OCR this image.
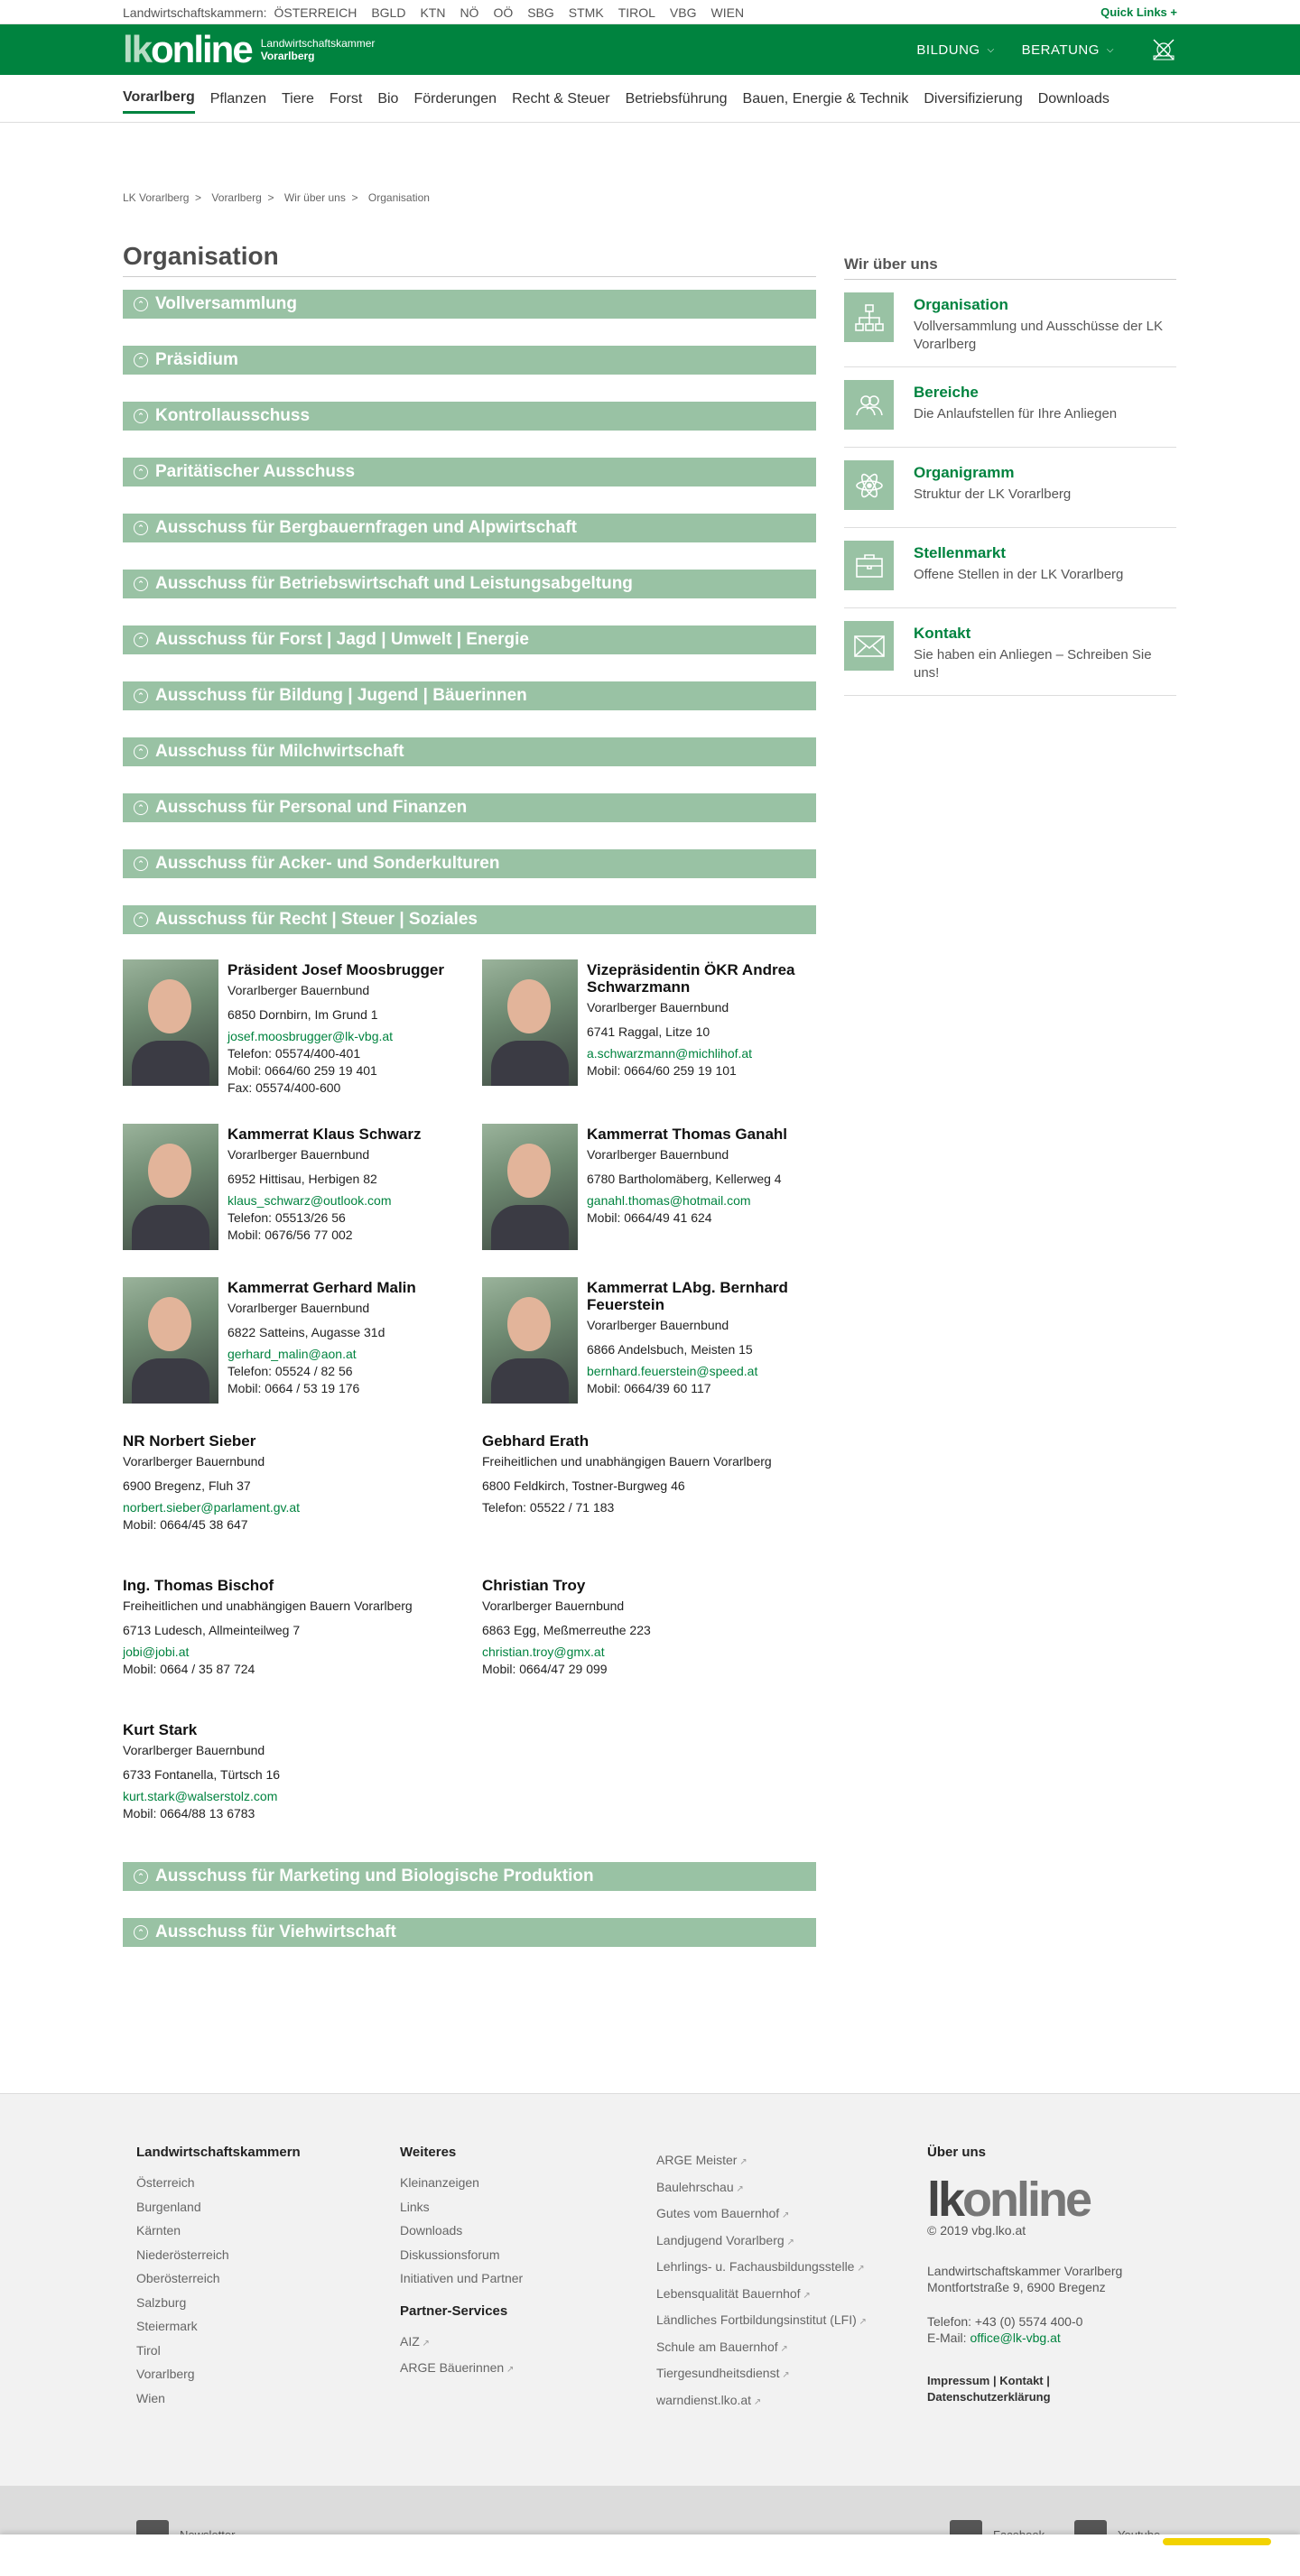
Landwirtschaftskammern: ÖSTERREICH BGLD KTN NÖ OÖ SBG STMK TIROL VBG WIEN	Quick Links +
lkonline Landwirtschaftskammer
Vorarlberg	BILDUNG ⌵ BERATUNG ⌵
Vorarlberg Pflanzen Tiere Forst Bio Förderungen Recht & Steuer Betriebsführung Bauen, Energie & Technik Diversifizierung Downloads
LK Vorarlberg  > Vorarlberg  > Wir über uns  > Organisation
Organisation
⌃ Vollversammlung
⌃ Präsidium
⌃ Kontrollausschuss
⌃ Paritätischer Ausschuss
⌃ Ausschuss für Bergbauernfragen und Alpwirtschaft
⌃ Ausschuss für Betriebswirtschaft und Leistungsabgeltung
⌃ Ausschuss für Forst | Jagd | Umwelt | Energie
⌃ Ausschuss für Bildung | Jugend | Bäuerinnen
⌃ Ausschuss für Milchwirtschaft
⌃ Ausschuss für Personal und Finanzen
⌃ Ausschuss für Acker- und Sonderkulturen
⌃ Ausschuss für Recht | Steuer | Soziales
Präsident Josef Moosbrugger
Vorarlberger Bauernbund
6850 Dornbirn, Im Grund 1
josef.moosbrugger@lk-vbg.at
Telefon: 05574/400-401
Mobil: 0664/60 259 19 401
Fax: 05574/400-600
Vizepräsidentin ÖKR Andrea Schwarzmann
Vorarlberger Bauernbund
6741 Raggal, Litze 10
a.schwarzmann@michlihof.at
Mobil: 0664/60 259 19 101
Kammerrat Klaus Schwarz
Vorarlberger Bauernbund
6952 Hittisau, Herbigen 82
klaus_schwarz@outlook.com
Telefon: 05513/26 56
Mobil: 0676/56 77 002
Kammerrat Thomas Ganahl
Vorarlberger Bauernbund
6780 Bartholomäberg, Kellerweg 4
ganahl.thomas@hotmail.com
Mobil: 0664/49 41 624
Kammerrat Gerhard Malin
Vorarlberger Bauernbund
6822 Satteins, Augasse 31d
gerhard_malin@aon.at
Telefon: 05524 / 82 56
Mobil: 0664 / 53 19 176
Kammerrat LAbg. Bernhard Feuerstein
Vorarlberger Bauernbund
6866 Andelsbuch, Meisten 15
bernhard.feuerstein@speed.at
Mobil: 0664/39 60 117
NR Norbert Sieber
Vorarlberger Bauernbund
6900 Bregenz, Fluh 37
norbert.sieber@parlament.gv.at
Mobil: 0664/45 38 647
Gebhard Erath
Freiheitlichen und unabhängigen Bauern Vorarlberg
6800 Feldkirch, Tostner-Burgweg 46
Telefon: 05522 / 71 183
Ing. Thomas Bischof
Freiheitlichen und unabhängigen Bauern Vorarlberg
6713 Ludesch, Allmeinteilweg 7
jobi@jobi.at
Mobil: 0664 / 35 87 724
Christian Troy
Vorarlberger Bauernbund
6863 Egg, Meßmerreuthe 223
christian.troy@gmx.at
Mobil: 0664/47 29 099
Kurt Stark
Vorarlberger Bauernbund
6733 Fontanella, Türtsch 16
kurt.stark@walserstolz.com
Mobil: 0664/88 13 6783
⌃ Ausschuss für Marketing und Biologische Produktion
⌃ Ausschuss für Viehwirtschaft
Wir über uns
Organisation
Vollversammlung und Ausschüsse der LK Vorarlberg
Bereiche
Die Anlaufstellen für Ihre Anliegen
Organigramm
Struktur der LK Vorarlberg
Stellenmarkt
Offene Stellen in der LK Vorarlberg
Kontakt
Sie haben ein Anliegen – Schreiben Sie uns!
Landwirtschaftskammern
Österreich
Burgenland
Kärnten
Niederösterreich
Oberösterreich
Salzburg
Steiermark
Tirol
Vorarlberg
Wien
Weiteres
Kleinanzeigen
Links
Downloads
Diskussionsforum
Initiativen und Partner
Partner-Services
AIZ ↗
ARGE Bäuerinnen ↗
ARGE Meister ↗
Baulehrschau ↗
Gutes vom Bauernhof ↗
Landjugend Vorarlberg ↗
Lehrlings- u. Fachausbildungsstelle ↗
Lebensqualität Bauernhof ↗
Ländliches Fortbildungsinstitut (LFI) ↗
Schule am Bauernhof ↗
Tiergesundheitsdienst ↗
warndienst.lko.at ↗
Über uns
lkonline
© 2019 vbg.lko.at
Landwirtschaftskammer Vorarlberg
Montfortstraße 9, 6900 Bregenz
Telefon: +43 (0) 5574 400-0
E-Mail: office@lk-vbg.at
Impressum | Kontakt |
Datenschutzerklärung
